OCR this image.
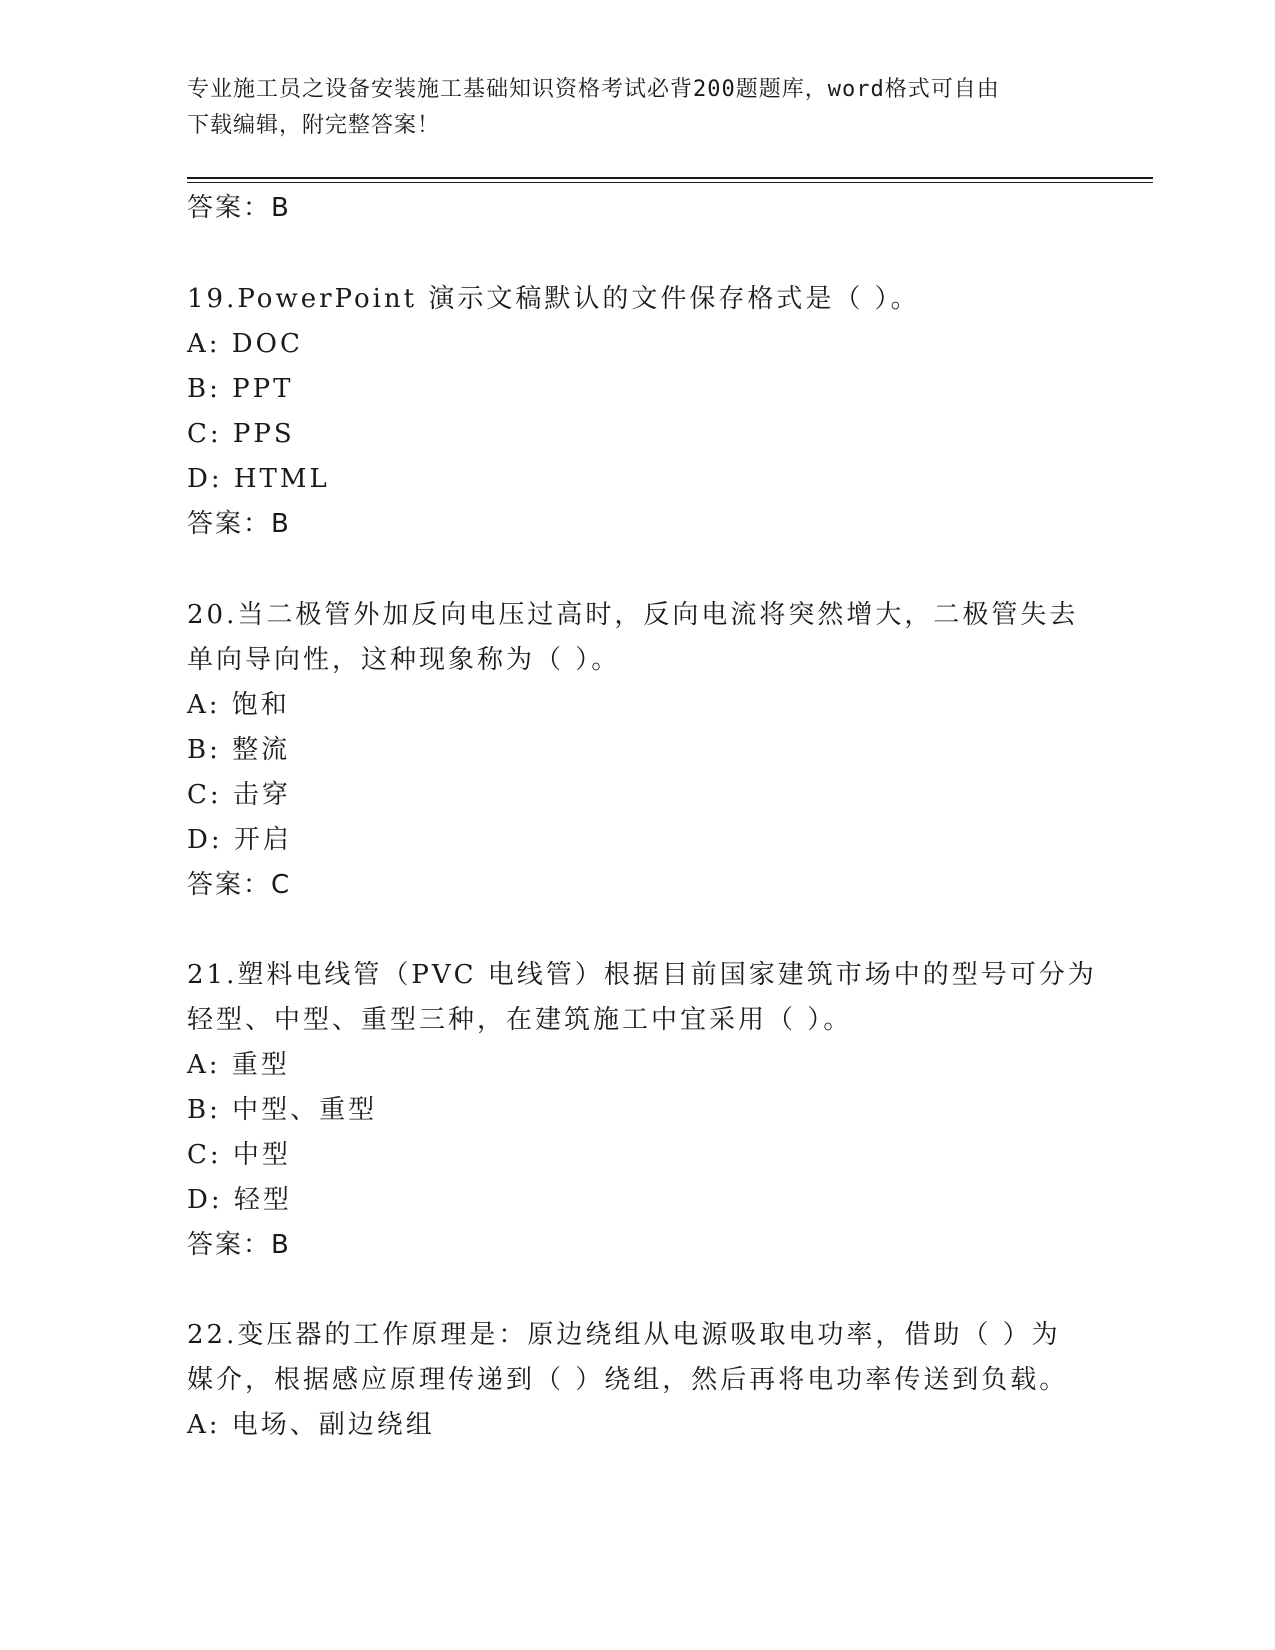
专业施工员之设备安装施工基础知识资格考试必背200题题库，word格式可自由
下载编辑，附完整答案！
答案：B
19.PowerPoint 演示文稿默认的文件保存格式是（ ）。
A: DOC
B: PPT
C: PPS
D: HTML
答案：B
20.当二极管外加反向电压过高时，反向电流将突然增大，二极管失去
单向导向性，这种现象称为（ ）。
A: 饱和
B: 整流
C: 击穿
D: 开启
答案：C
21.塑料电线管（PVC 电线管）根据目前国家建筑市场中的型号可分为
轻型、中型、重型三种，在建筑施工中宜采用（ ）。
A: 重型
B: 中型、重型
C: 中型
D: 轻型
答案：B
22.变压器的工作原理是：原边绕组从电源吸取电功率，借助（ ）为
媒介，根据感应原理传递到（ ）绕组，然后再将电功率传送到负载。
A: 电场、副边绕组
